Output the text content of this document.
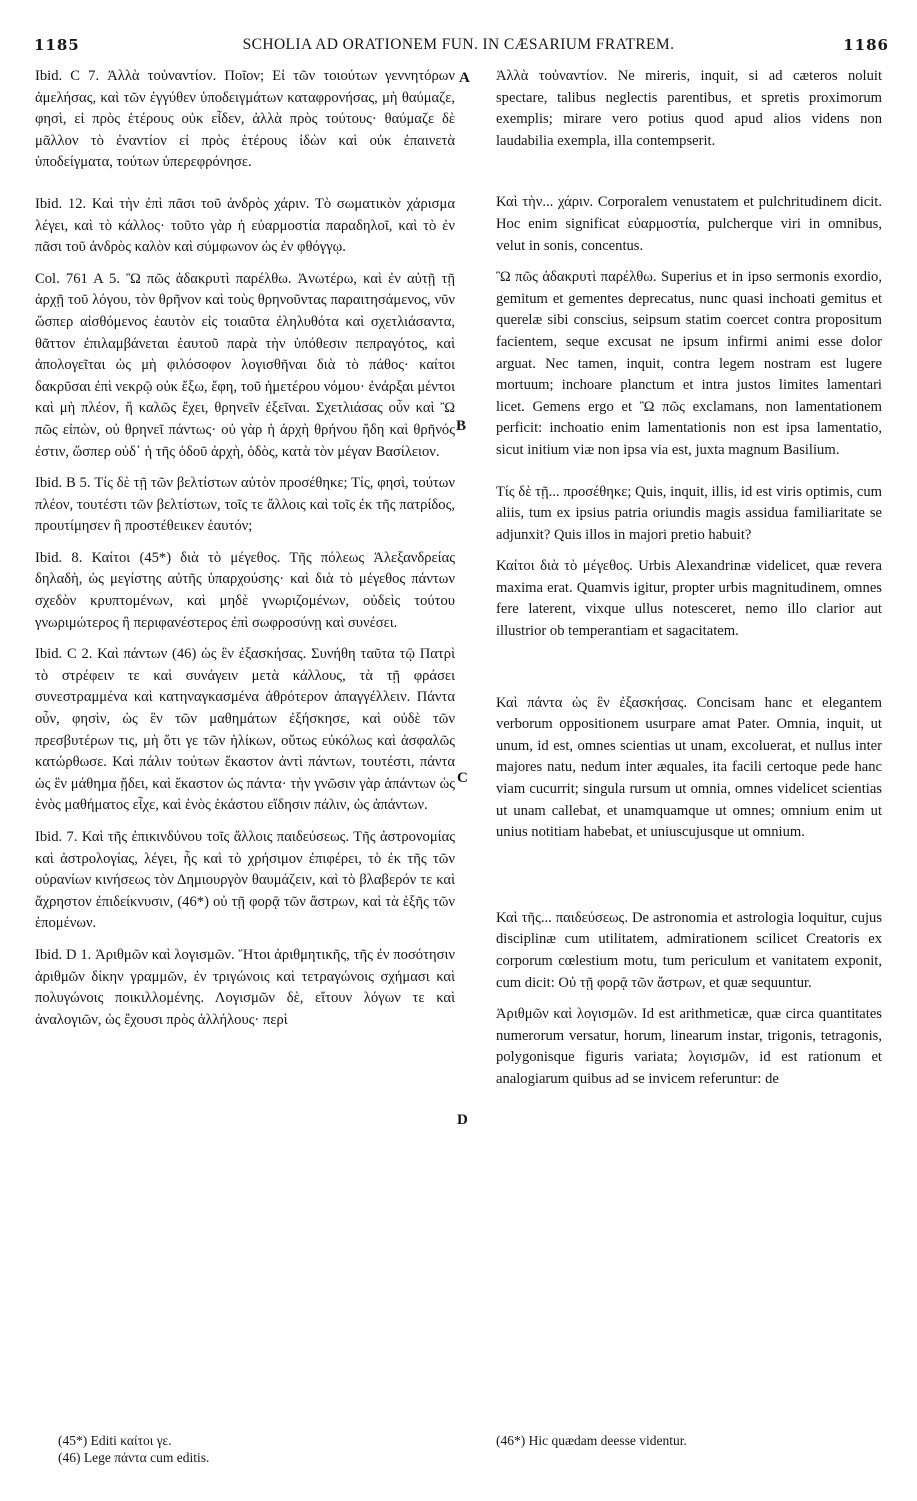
1185	SCHOLIA AD ORATIONEM FUN. IN CÆSARIUM FRATREM.	1186
A
B
C
D

Ibid. C 7. Ἀλλὰ τοὐναντίον. Ποῖον; Εἰ τῶν τοιούτων γεννητόρων ἀμελήσας, καὶ τῶν ἐγγύθεν ὑποδειγμάτων καταφρονήσας, μὴ θαύμαζε, φησὶ, εἰ πρὸς ἑτέρους οὐκ εἶδεν, ἀλλὰ πρὸς τούτους· θαύμαζε δὲ μᾶλλον τὸ ἐναντίον εἰ πρὸς ἑτέρους ἰδὼν καὶ οὐκ ἐπαινετὰ ὑποδείγματα, τούτων ὑπερεφρόνησε.

Ibid. 12. Καὶ τὴν ἐπὶ πᾶσι τοῦ ἀνδρὸς χάριν. Τὸ σωματικὸν χάρισμα λέγει, καὶ τὸ κάλλος· τοῦτο γὰρ ἡ εὐαρμοστία παραδηλοῖ, καὶ τὸ ἐν πᾶσι τοῦ ἀνδρὸς καλὸν καὶ σύμφωνον ὡς ἐν φθόγγῳ.

Col. 761 A 5. Ὢ πῶς ἀδακρυτὶ παρέλθω. Ἀνωτέρω, καὶ ἐν αὐτῇ τῇ ἀρχῇ τοῦ λόγου, τὸν θρῆνον καὶ τοὺς θρηνοῦντας παραιτησάμενος, νῦν ὥσπερ αἰσθόμενος ἑαυτὸν εἰς τοιαῦτα ἐληλυθότα καὶ σχετλιάσαντα, θᾶττον ἐπιλαμβάνεται ἑαυτοῦ παρὰ τὴν ὑπόθεσιν πεπραγότος, καὶ ἀπολογεῖται ὡς μὴ φιλόσοφον λογισθῆναι διὰ τὸ πάθος· καίτοι δακρῦσαι ἐπὶ νεκρῷ οὐκ ἔξω, ἔφη, τοῦ ἡμετέρου νόμου· ἐνάρξαι μέντοι καὶ μὴ πλέον, ἢ καλῶς ἔχει, θρηνεῖν ἐξεῖναι. Σχετλιάσας οὖν καὶ Ὢ πῶς εἰπὼν, οὐ θρηνεῖ πάντως· οὐ γὰρ ἡ ἀρχὴ θρήνου ἤδη καὶ θρῆνός ἐστιν, ὥσπερ οὐδ᾽ ἡ τῆς ὁδοῦ ἀρχὴ, ὁδὸς, κατὰ τὸν μέγαν Βασίλειον.

Ibid. B 5. Τίς δὲ τῇ τῶν βελτίστων αὐτὸν προσέθηκε; Τίς, φησὶ, τούτων πλέον, τουτέστι τῶν βελτίστων, τοῖς τε ἄλλοις καὶ τοῖς ἐκ τῆς πατρίδος, προυτίμησεν ἢ προστέθεικεν ἑαυτόν;

Ibid. 8. Καίτοι (45*) διὰ τὸ μέγεθος. Τῆς πόλεως Ἀλεξανδρείας δηλαδὴ, ὡς μεγίστης αὐτῆς ὑπαρχούσης· καὶ διὰ τὸ μέγεθος πάντων σχεδὸν κρυπτομένων, καὶ μηδὲ γνωριζομένων, οὐδεὶς τούτου γνωριμώτερος ἢ περιφανέστερος ἐπὶ σωφροσύνῃ καὶ συνέσει.

Ibid. C 2. Καὶ πάντων (46) ὡς ἓν ἐξασκήσας. Συνήθη ταῦτα τῷ Πατρὶ τὸ στρέφειν τε καὶ συνάγειν μετὰ κάλλους, τὰ τῇ φράσει συνεστραμμένα καὶ κατηναγκασμένα ἀθρότερον ἀπαγγέλλειν. Πάντα οὖν, φησὶν, ὡς ἓν τῶν μαθημάτων ἐξήσκησε, καὶ οὐδὲ τῶν πρεσβυτέρων τις, μὴ ὅτι γε τῶν ἡλίκων, οὕτως εὐκόλως καὶ ἀσφαλῶς κατώρθωσε. Καὶ πάλιν τούτων ἕκαστον ἀντὶ πάντων, τουτέστι, πάντα ὡς ἓν μάθημα ᾔδει, καὶ ἕκαστον ὡς πάντα· τὴν γνῶσιν γὰρ ἁπάντων ὡς ἑνὸς μαθήματος εἶχε, καὶ ἑνὸς ἑκάστου εἴδησιν πάλιν, ὡς ἁπάντων.

Ibid. 7. Καὶ τῆς ἐπικινδύνου τοῖς ἄλλοις παιδεύσεως. Τῆς ἀστρονομίας καὶ ἀστρολογίας, λέγει, ἧς καὶ τὸ χρήσιμον ἐπιφέρει, τὸ ἐκ τῆς τῶν οὐρανίων κινήσεως τὸν Δημιουργὸν θαυμάζειν, καὶ τὸ βλαβερόν τε καὶ ἄχρηστον ἐπιδείκνυσιν, (46*) οὐ τῇ φορᾷ τῶν ἄστρων, καὶ τὰ ἑξῆς τῶν ἑπομένων.

Ibid. D 1. Ἀριθμῶν καὶ λογισμῶν. Ἤτοι ἀριθμητικῆς, τῆς ἐν ποσότησιν ἀριθμῶν δίκην γραμμῶν, ἐν τριγώνοις καὶ τετραγώνοις σχήμασι καὶ πολυγώνοις ποικιλλομένης. Λογισμῶν δὲ, εἴτουν λόγων τε καὶ ἀναλογιῶν, ὡς ἔχουσι πρὸς ἀλλήλους· περὶ

Ἀλλὰ τοὐναντίον. Ne mireris, inquit, si ad cæteros noluit spectare, talibus neglectis parentibus, et spretis proximorum exemplis; mirare vero potius quod apud alios videns non laudabilia exempla, illa contempserit.

Καὶ τὴν... χάριν. Corporalem venustatem et pulchritudinem dicit. Hoc enim significat εὐαρμοστία, pulcherque viri in omnibus, velut in sonis, concentus.

Ὢ πῶς ἀδακρυτὶ παρέλθω. Superius et in ipso sermonis exordio, gemitum et gementes deprecatus, nunc quasi inchoati gemitus et querelæ sibi conscius, seipsum statim coercet contra propositum facientem, seque excusat ne ipsum infirmi animi esse dolor arguat. Nec tamen, inquit, contra legem nostram est lugere mortuum; inchoare planctum et intra justos limites lamentari licet. Gemens ergo et Ὢ πῶς exclamans, non lamentationem perficit: inchoatio enim lamentationis non est ipsa lamentatio, sicut initium viæ non ipsa via est, juxta magnum Basilium.

Τίς δὲ τῇ... προσέθηκε; Quis, inquit, illis, id est viris optimis, cum aliis, tum ex ipsius patria oriundis magis assidua familiaritate se adjunxit? Quis illos in majori pretio habuit?

Καίτοι διὰ τὸ μέγεθος. Urbis Alexandrinæ videlicet, quæ revera maxima erat. Quamvis igitur, propter urbis magnitudinem, omnes fere laterent, vixque ullus notesceret, nemo illo clarior aut illustrior ob temperantiam et sagacitatem.

Καὶ πάντα ὡς ἓν ἐξασκήσας. Concisam hanc et elegantem verborum oppositionem usurpare amat Pater. Omnia, inquit, ut unum, id est, omnes scientias ut unam, excoluerat, et nullus inter majores natu, nedum inter æquales, ita facili certoque pede hanc viam cucurrit; singula rursum ut omnia, omnes videlicet scientias ut unam callebat, et unamquamque ut omnes; omnium enim ut unius notitiam habebat, et uniuscujusque ut omnium.

Καὶ τῆς... παιδεύσεως. De astronomia et astrologia loquitur, cujus disciplinæ cum utilitatem, admirationem scilicet Creatoris ex corporum cœlestium motu, tum periculum et vanitatem exponit, cum dicit: Οὐ τῇ φορᾷ τῶν ἄστρων, et quæ sequuntur.

Ἀριθμῶν καὶ λογισμῶν. Id est arithmeticæ, quæ circa quantitates numerorum versatur, horum, linearum instar, trigonis, tetragonis, polygonisque figuris variata; λογισμῶν, id est rationum et analogiarum quibus ad se invicem referuntur: de

(45*) Editi καίτοι γε.
(46) Lege πάντα cum editis.
(46*) Hic quædam deesse videntur.
